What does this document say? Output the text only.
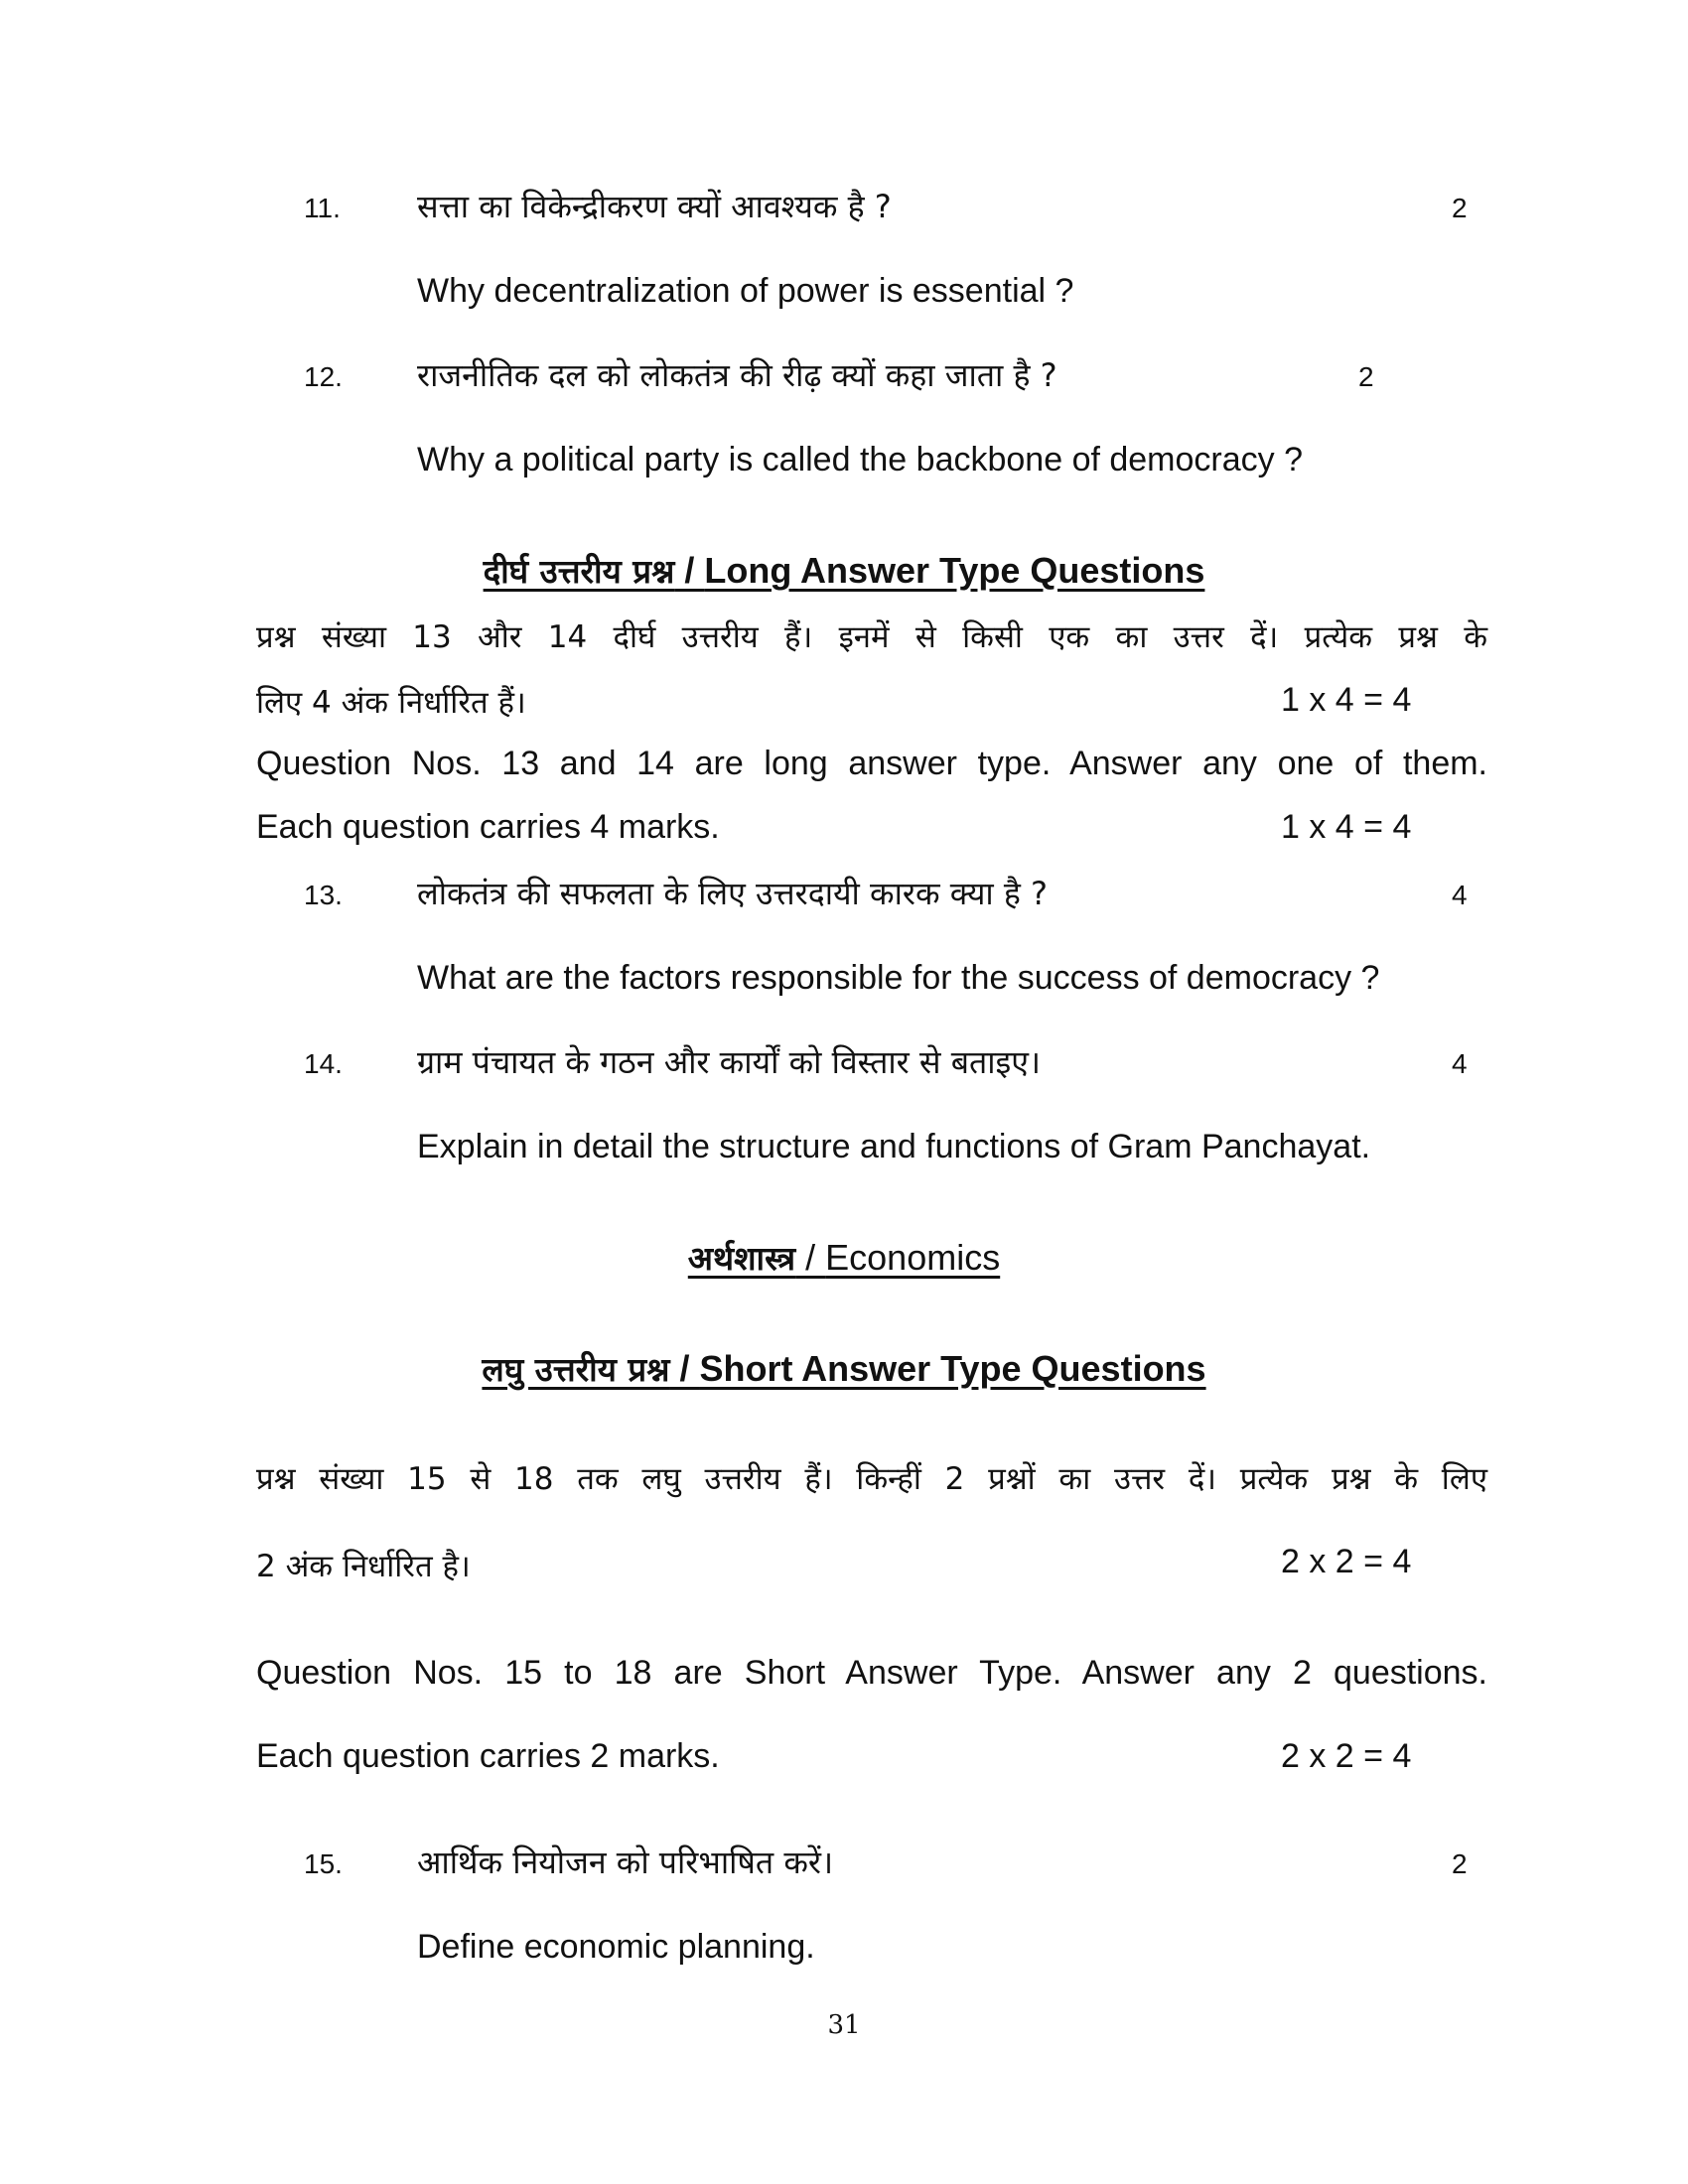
11. सत्ता का विकेन्द्रीकरण क्यों आवश्यक है ?	2
Why decentralization of power is essential ?
12. राजनीतिक दल को लोकतंत्र की रीढ़ क्यों कहा जाता है ?	2
Why a political party is called the backbone of democracy ?
दीर्घ उत्तरीय प्रश्न / Long Answer Type Questions
प्रश्न संख्या 13 और 14 दीर्घ उत्तरीय हैं। इनमें से किसी एक का उत्तर दें। प्रत्येक प्रश्न के
लिए 4 अंक निर्धारित हैं।	1 x 4 = 4
Question Nos. 13 and 14 are long answer type. Answer any one of them.
Each question carries 4 marks.	1 x 4 = 4
13. लोकतंत्र की सफलता के लिए उत्तरदायी कारक क्या है ?	4
What are the factors responsible for the success of democracy ?
14. ग्राम पंचायत के गठन और कार्यों को विस्तार से बताइए।	4
Explain in detail the structure and functions of Gram Panchayat.
अर्थशास्त्र / Economics
लघु उत्तरीय प्रश्न / Short Answer Type Questions
प्रश्न संख्या 15 से 18 तक लघु उत्तरीय हैं। किन्हीं 2 प्रश्नों का उत्तर दें। प्रत्येक प्रश्न के लिए
2 अंक निर्धारित है।	2 x 2 = 4
Question Nos. 15 to 18 are Short Answer Type. Answer any 2 questions.
Each question carries 2 marks.	2 x 2 = 4
15. आर्थिक नियोजन को परिभाषित करें।	2
Define economic planning.
31
